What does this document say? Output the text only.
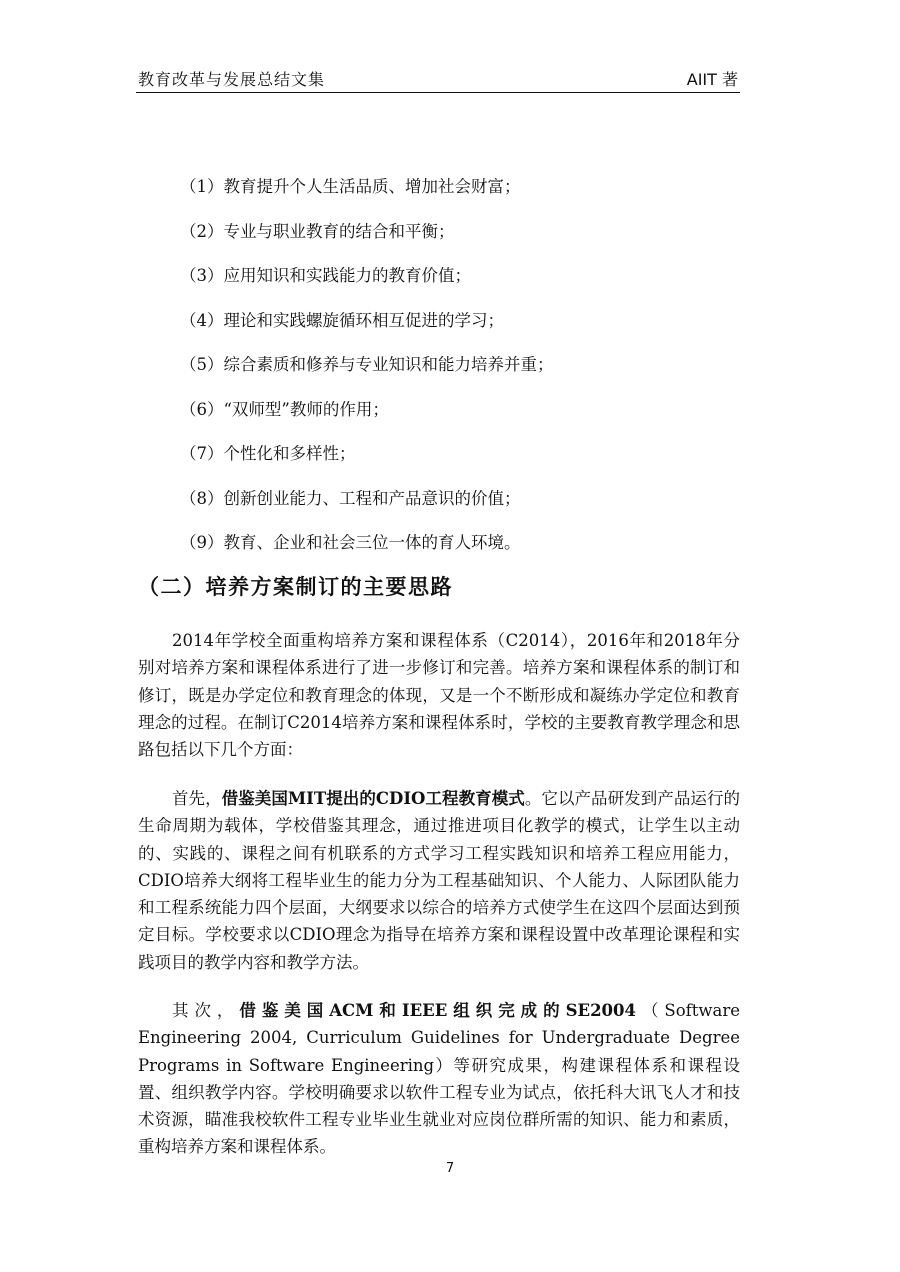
教育改革与发展总结文集	AIIT 著
（1）教育提升个人生活品质、增加社会财富；
（2）专业与职业教育的结合和平衡；
（3）应用知识和实践能力的教育价值；
（4）理论和实践螺旋循环相互促进的学习；
（5）综合素质和修养与专业知识和能力培养并重；
（6）“双师型”教师的作用；
（7）个性化和多样性；
（8）创新创业能力、工程和产品意识的价值；
（9）教育、企业和社会三位一体的育人环境。
（二）培养方案制订的主要思路

2014年学校全面重构培养方案和课程体系（C2014），2016年和2018年分别对培养方案和课程体系进行了进一步修订和完善。培养方案和课程体系的制订和修订，既是办学定位和教育理念的体现，又是一个不断形成和凝练办学定位和教育理念的过程。在制订C2014培养方案和课程体系时，学校的主要教育教学理念和思路包括以下几个方面：

首先，借鉴美国MIT提出的CDIO工程教育模式。它以产品研发到产品运行的生命周期为载体，学校借鉴其理念，通过推进项目化教学的模式，让学生以主动的、实践的、课程之间有机联系的方式学习工程实践知识和培养工程应用能力，CDIO培养大纲将工程毕业生的能力分为工程基础知识、个人能力、人际团队能力和工程系统能力四个层面，大纲要求以综合的培养方式使学生在这四个层面达到预定目标。学校要求以CDIO理念为指导在培养方案和课程设置中改革理论课程和实践项目的教学内容和教学方法。

其次，借鉴美国ACM和IEEE组织完成的SE2004（Software Engineering 2004, Curriculum Guidelines for Undergraduate Degree Programs in Software Engineering）等研究成果，构建课程体系和课程设置、组织教学内容。学校明确要求以软件工程专业为试点，依托科大讯飞人才和技术资源，瞄准我校软件工程专业毕业生就业对应岗位群所需的知识、能力和素质，重构培养方案和课程体系。

7
